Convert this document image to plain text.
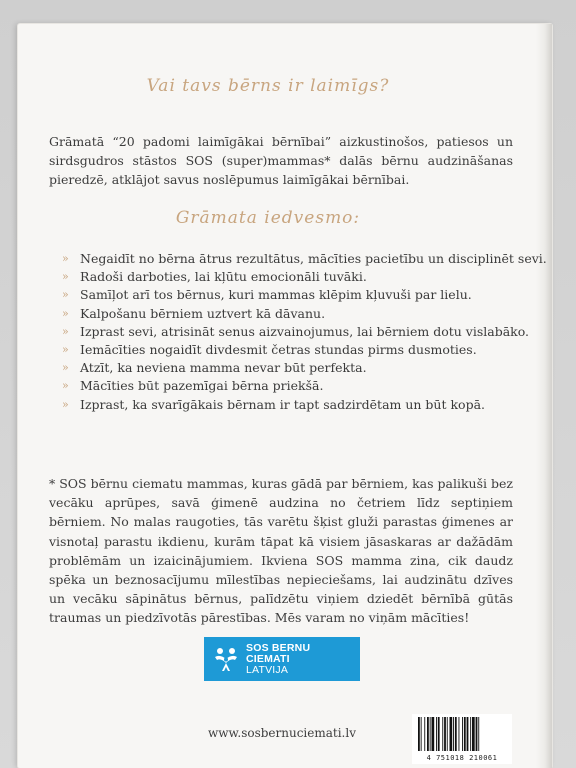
Vai tavs bērns ir laimīgs?
Grāmatā “20 padomi laimīgākai bērnībai” aizkustinošos, patiesos un sirdsgudros stāstos SOS (super)mammas* dalās bērnu audzināšanas pieredzē, atklājot savus noslēpumus laimīgākai bērnībai.
Grāmata iedvesmo:
» Negaidīt no bērna ātrus rezultātus, mācīties pacietību un disciplinēt sevi.
» Radoši darboties, lai kļūtu emocionāli tuvāki.
» Samīļot arī tos bērnus, kuri mammas klēpim kļuvuši par lielu.
» Kalpošanu bērniem uztvert kā dāvanu.
» Izprast sevi, atrisināt senus aizvainojumus, lai bērniem dotu vislabāko.
» Iemācīties nogaidīt divdesmit četras stundas pirms dusmoties.
» Atzīt, ka neviena mamma nevar būt perfekta.
» Mācīties būt pazemīgai bērna priekšā.
» Izprast, ka svarīgākais bērnam ir tapt sadzirdētam un būt kopā.
* SOS bērnu ciematu mammas, kuras gādā par bērniem, kas palikuši bez vecāku aprūpes, savā ģimenē audzina no četriem līdz septiņiem bērniem. No malas raugoties, tās varētu šķist gluži parastas ģimenes ar visnotaļ parastu ikdienu, kurām tāpat kā visiem jāsaskaras ar dažādām problēmām un izaicinājumiem. Ikviena SOS mamma zina, cik daudz spēka un beznosacījumu mīlestības nepieciešams, lai audzinātu dzīves un vecāku sāpinātus bērnus, palīdzētu viņiem dziedēt bērnībā gūtās traumas un piedzīvotās pārestības. Mēs varam no viņām mācīties!
SOS BERNU
CIEMATI
LATVIJA
www.sosbernuciemati.lv
4 751018 210061
